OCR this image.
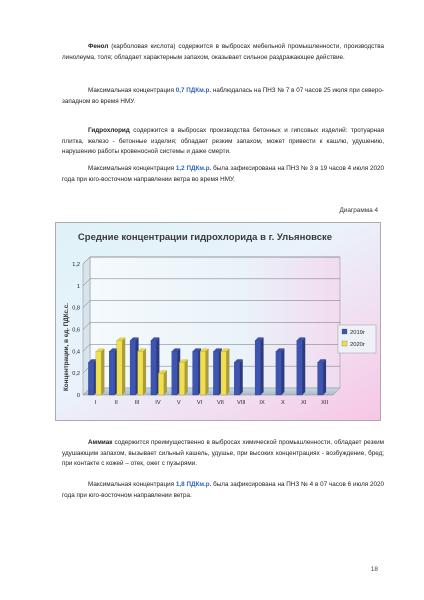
Фенол (карболовая кислота) содержится в выбросах мебельной промышленности, производства линолеума, толя; обладает характерным запахом, оказывает сильное раздражающее действие.

Максимальная концентрация 0,7 ПДКм.р. наблюдалась на ПНЗ № 7 в 07 часов 25 июля при северо-западном во время НМУ.

Гидрохлорид содержится в выбросах производства бетонных и гипсовых изделий: тротуарная плитка, железо - бетонные изделия; обладает резким запахом, может привести к кашлю, удушению, нарушению работы кровеносной системы и даже смерти.

Максимальная концентрация 1,2 ПДКм.р. была зафиксирована на ПНЗ № 3 в 19 часов 4 июля 2020 года при юго-восточном направлении ветра во время НМУ.

Диаграмма 4
Средние концентрации гидрохлорида в г. Ульяновске
0
0,2
0,4
0,6
0,8
1
1,2
I	II	III	IV	V	VI	VII VIII IX	X	XI	XII
Концентрации, в ед. ПДКс.с.	2019г
2020г

Аммиак содержится преимущественно в выбросах химической промышленности, обладает резким удушающим запахом, вызывает сильный кашель, удушье, при высоких концентрациях - возбуждение, бред; при контакте с кожей – отек, ожег с пузырями.

Максимальная концентрация 1,8 ПДКм.р. была зафиксирована на ПНЗ № 4 в 07 часов 6 июля 2020 года при юго-восточном направлении ветра.

18
